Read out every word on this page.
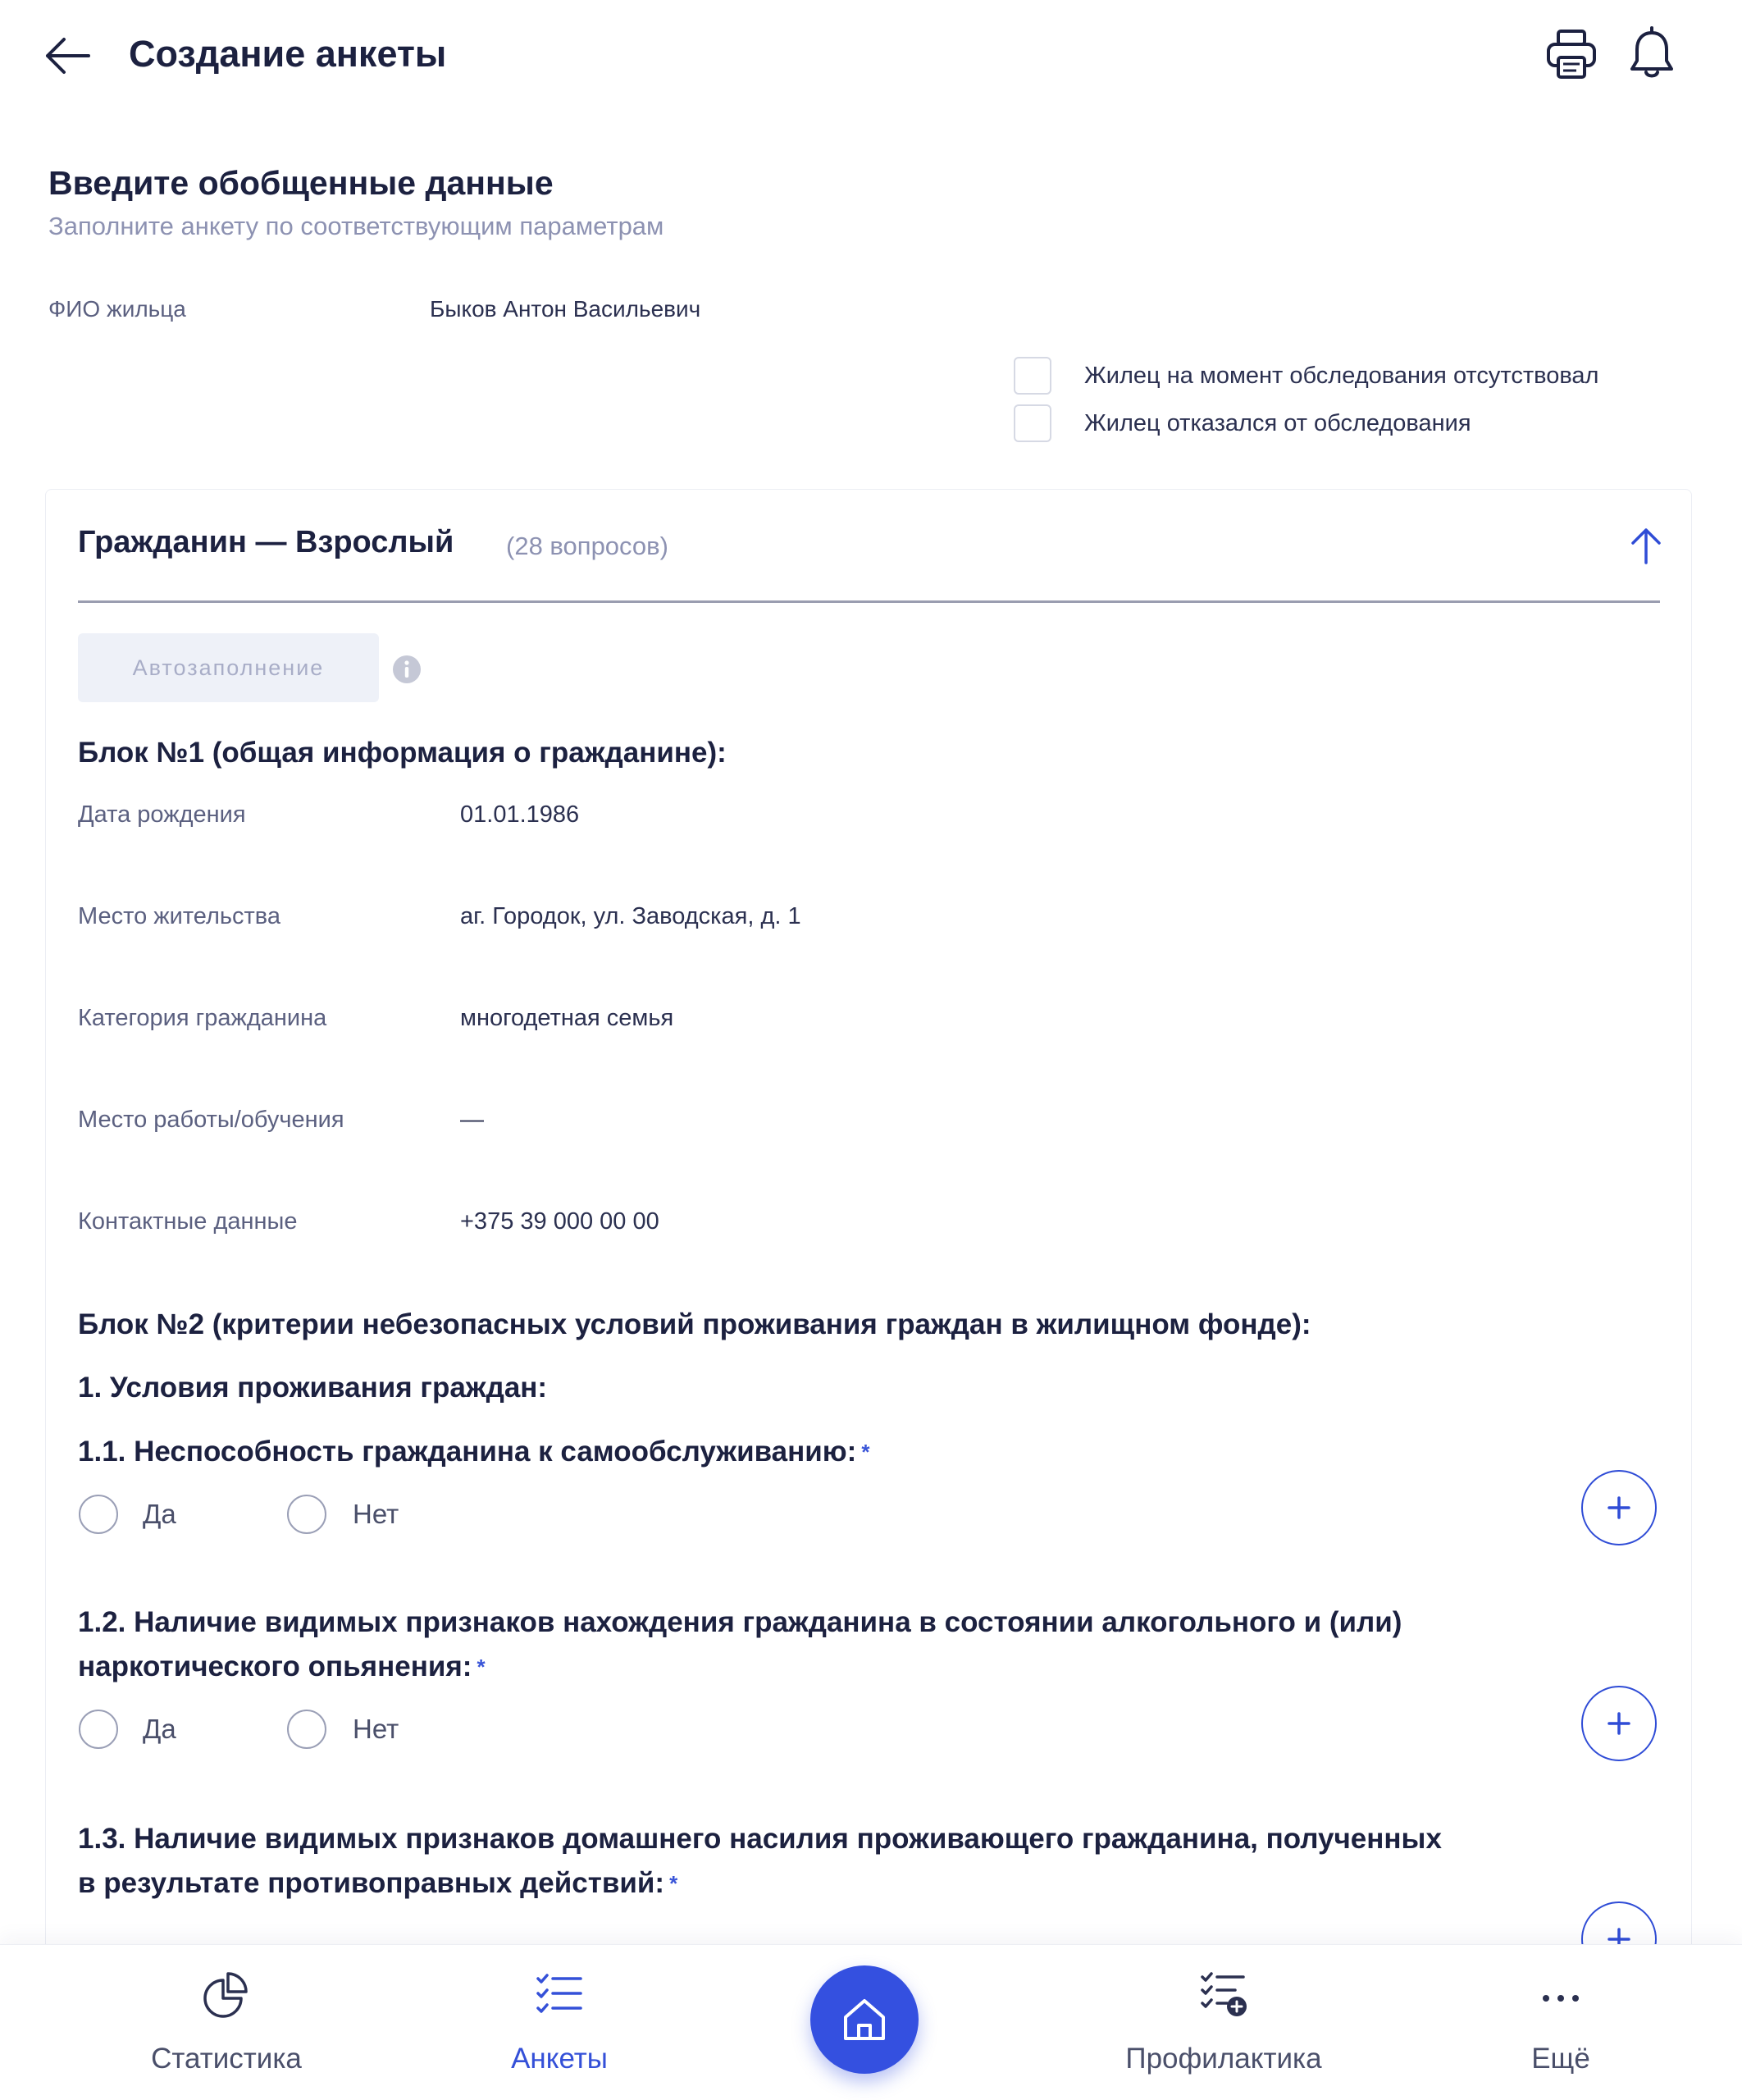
Создание анкеты
Введите обобщенные данные
Заполните анкету по соответствующим параметрам
ФИО жильца	Быков Антон Васильевич
Жилец на момент обследования отсутствовал
Жилец отказался от обследования
Гражданин — Взрослый (28 вопросов)
Автозаполнение
Блок №1 (общая информация о гражданине):
Дата рождения	01.01.1986
Место жительства	аг. Городок, ул. Заводская, д. 1
Категория гражданина	многодетная семья
Место работы/обучения	—
Контактные данные	+375 39 000 00 00
Блок №2 (критерии небезопасных условий проживания граждан в жилищном фонде):
1. Условия проживания граждан:
1.1. Неспособность гражданина к самообслуживанию: *
Да	Нет
1.2. Наличие видимых признаков нахождения гражданина в состоянии алкогольного и (или)
наркотического опьянения: *
Да	Нет
1.3. Наличие видимых признаков домашнего насилия проживающего гражданина, полученных
в результате противоправных действий: *
Статистика	Анкеты	Профилактика	Ещё
